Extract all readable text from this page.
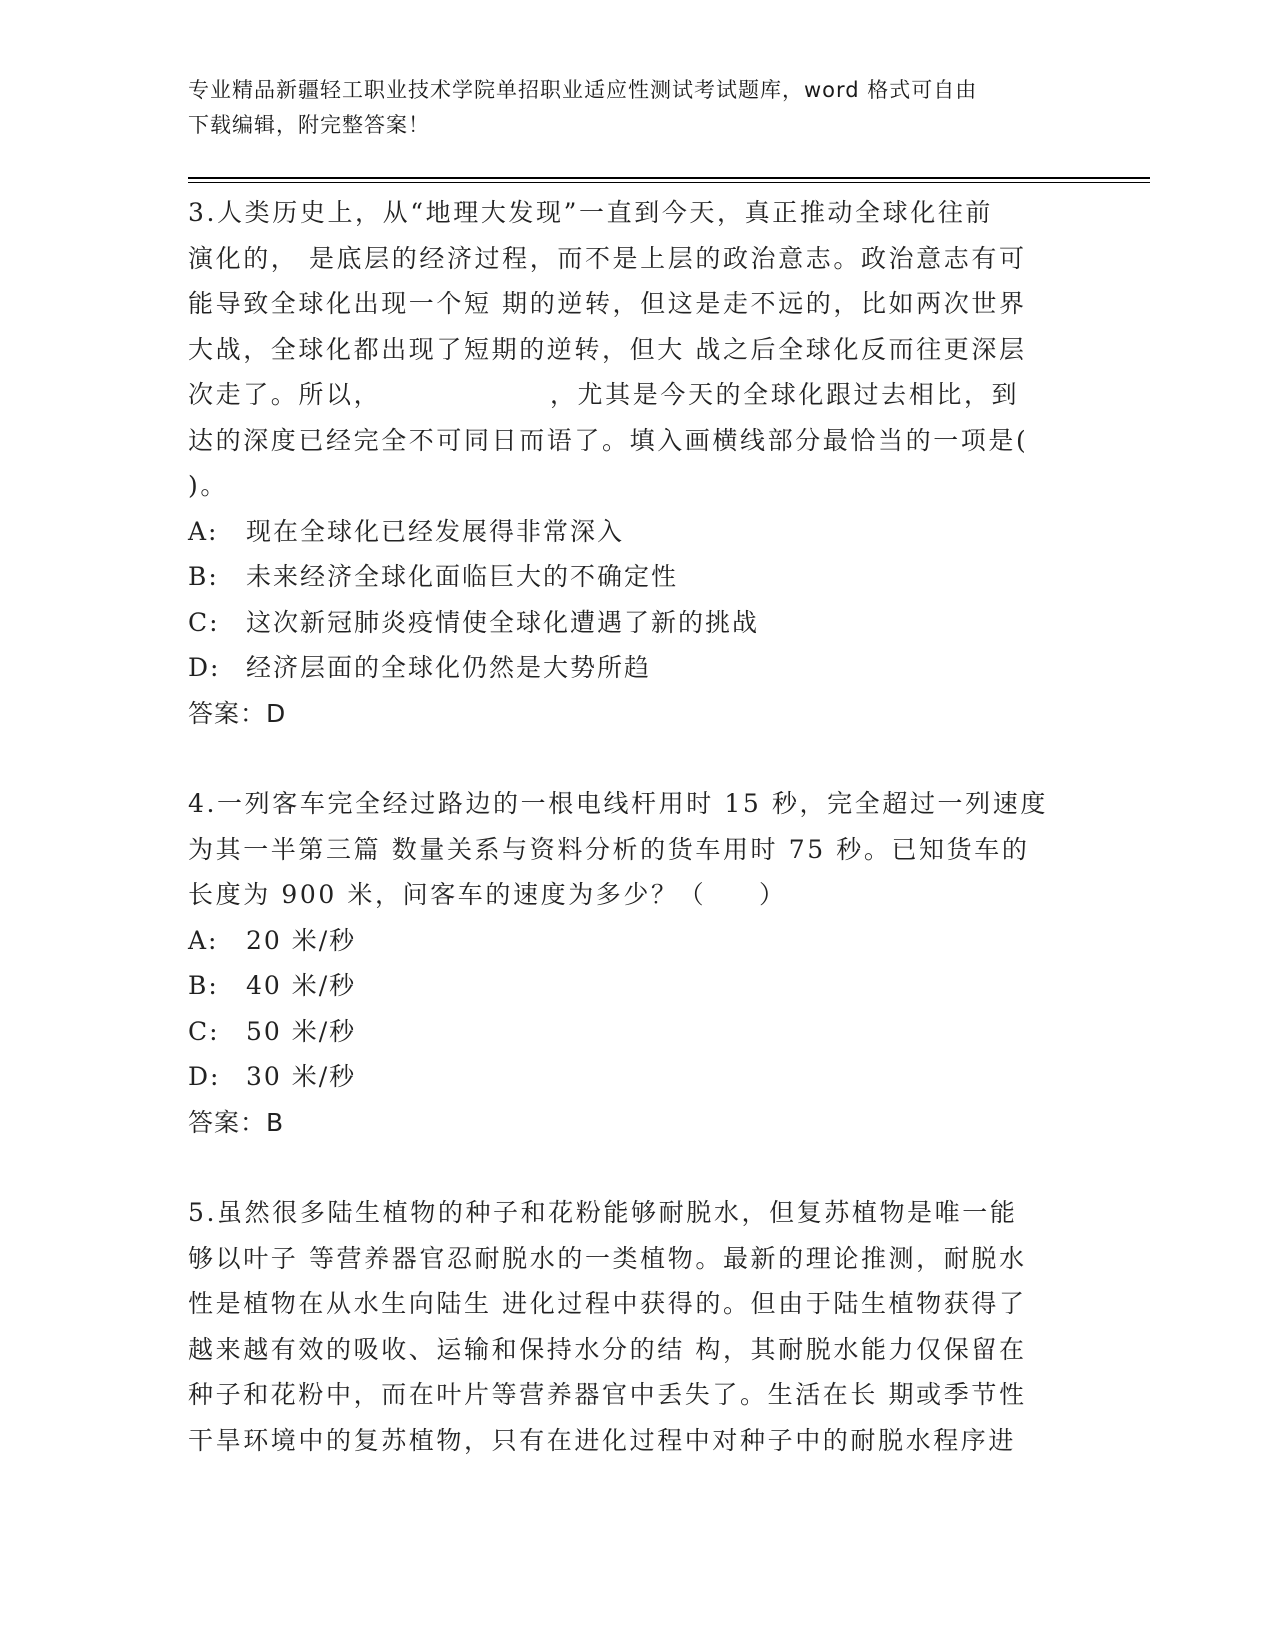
专业精品新疆轻工职业技术学院单招职业适应性测试考试题库，word 格式可自由
下载编辑，附完整答案！
3.人类历史上，从“地理大发现”一直到今天，真正推动全球化往前
演化的， 是底层的经济过程，而不是上层的政治意志。政治意志有可
能导致全球化出现一个短 期的逆转，但这是走不远的，比如两次世界
大战，全球化都出现了短期的逆转，但大 战之后全球化反而往更深层
次走了。所以，                ，尤其是今天的全球化跟过去相比，到
达的深度已经完全不可同日而语了。填入画横线部分最恰当的一项是(
)。
A: 现在全球化已经发展得非常深入
B: 未来经济全球化面临巨大的不确定性
C: 这次新冠肺炎疫情使全球化遭遇了新的挑战
D: 经济层面的全球化仍然是大势所趋
答案：D
4.一列客车完全经过路边的一根电线杆用时 15 秒，完全超过一列速度
为其一半第三篇 数量关系与资料分析的货车用时 75 秒。已知货车的
长度为 900 米，问客车的速度为多少？（     ）
A: 20 米/秒
B: 40 米/秒
C: 50 米/秒
D: 30 米/秒
答案：B
5.虽然很多陆生植物的种子和花粉能够耐脱水，但复苏植物是唯一能
够以叶子 等营养器官忍耐脱水的一类植物。最新的理论推测，耐脱水
性是植物在从水生向陆生 进化过程中获得的。但由于陆生植物获得了
越来越有效的吸收、运输和保持水分的结 构，其耐脱水能力仅保留在
种子和花粉中，而在叶片等营养器官中丢失了。生活在长 期或季节性
干旱环境中的复苏植物，只有在进化过程中对种子中的耐脱水程序进
